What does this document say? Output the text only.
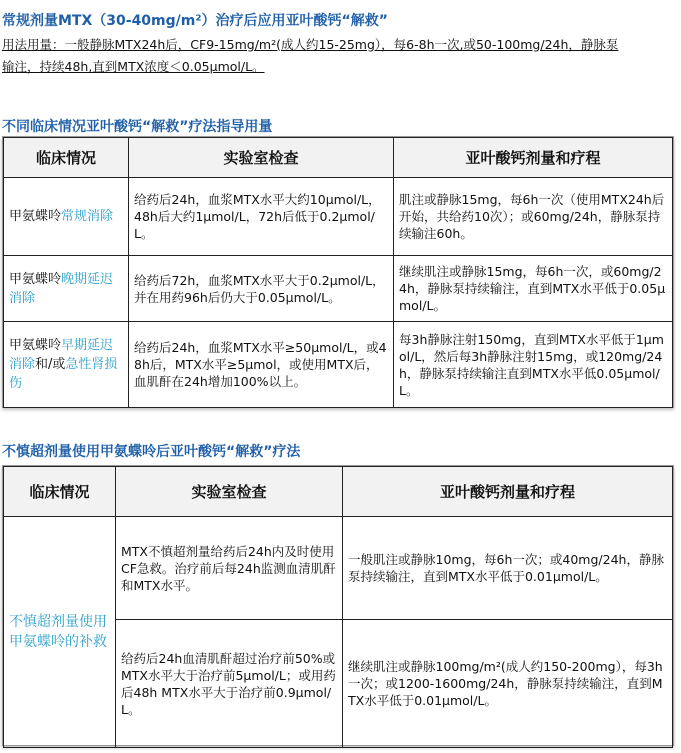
常规剂量MTX（30-40mg/m²）治疗后应用亚叶酸钙“解救”
用法用量：一般静脉MTX24h后，CF9-15mg/m²(成人约15-25mg），每6-8h一次,或50-100mg/24h，静脉泵
输注，持续48h,直到MTX浓度＜0.05μmol/L。
不同临床情况亚叶酸钙“解救”疗法指导用量
临床情况	实验室检查	亚叶酸钙剂量和疗程
甲氨蝶呤常规消除	给药后24h，血浆MTX水平大约10μmol/L，48h后大约1μmol/L，72h后低于0.2μmol/L。	肌注或静脉15mg，每6h一次（使用MTX24h后开始，共给药10次）；或60mg/24h，静脉泵持续输注60h。
甲氨蝶呤晚期延迟消除	给药后72h，血浆MTX水平大于0.2μmol/L，并在用药96h后仍大于0.05μmol/L。	继续肌注或静脉15mg，每6h一次，或60mg/24h，静脉泵持续输注，直到MTX水平低于0.05μmol/L。
甲氨蝶呤早期延迟消除和/或急性肾损伤	给药后24h，血浆MTX水平≥50μmol/L，或48h后，MTX水平≥5μmol，或使用MTX后，血肌酐在24h增加100%以上。	每3h静脉注射150mg，直到MTX水平低于1μmol/L，然后每3h静脉注射15mg，或120mg/24h，静脉泵持续输注直到MTX水平低0.05μmol/L。
不慎超剂量使用甲氨蝶呤后亚叶酸钙“解救”疗法
临床情况	实验室检查	亚叶酸钙剂量和疗程
不慎超剂量使用甲氨蝶呤的补救	MTX不慎超剂量给药后24h内及时使用CF急救。治疗前后每24h监测血清肌酐和MTX水平。	一般肌注或静脉10mg，每6h一次；或40mg/24h，静脉泵持续输注，直到MTX水平低于0.01μmol/L。
	给药后24h血清肌酐超过治疗前50%或MTX水平大于治疗前5μmol/L；或用药后48h MTX水平大于治疗前0.9μmol/L。	继续肌注或静脉100mg/m²(成人约150-200mg），每3h一次；或1200-1600mg/24h，静脉泵持续输注，直到MTX水平低于0.01μmol/L。
